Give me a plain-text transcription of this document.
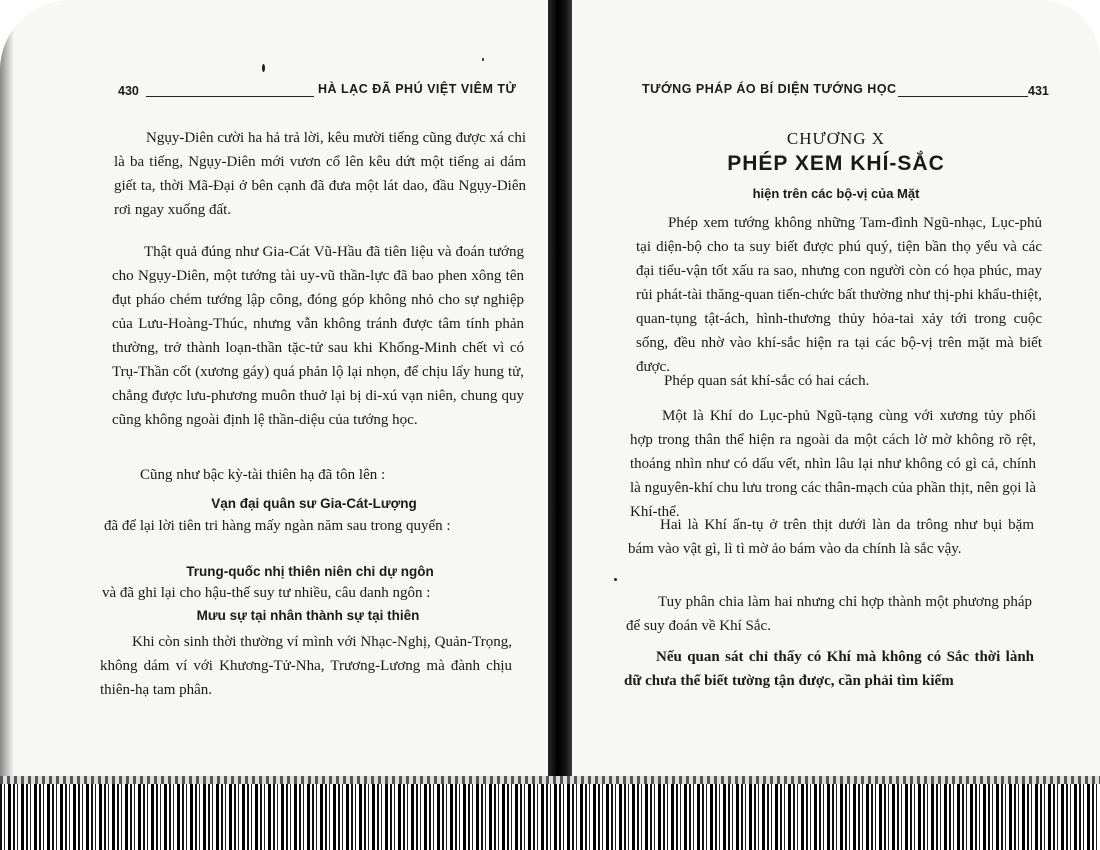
430	HÀ LẠC ĐÃ PHÚ VIỆT VIÊM TỬ
Ngụy-Diên cười ha hả trả lời, kêu mười tiếng cũng được xá chi là ba tiếng, Ngụy-Diên mới vươn cổ lên kêu dứt một tiếng ai dám giết ta, thời Mã-Đại ở bên cạnh đã đưa một lát dao, đầu Ngụy-Diên rơi ngay xuống đất.
Thật quả đúng như Gia-Cát Vũ-Hầu đã tiên liệu và đoán tướng cho Ngụy-Diên, một tướng tài uy-vũ thần-lực đã bao phen xông tên đụt pháo chém tướng lập công, đóng góp không nhỏ cho sự nghiệp của Lưu-Hoàng-Thúc, nhưng vẫn không tránh được tâm tính phản thường, trở thành loạn-thần tặc-tử sau khi Khổng-Minh chết vì có Trụ-Thần cốt (xương gáy) quá phản lộ lại nhọn, để chịu lấy hung tử, chẳng được lưu-phương muôn thuở lại bị di-xú vạn niên, chung quy cũng không ngoài định lệ thần-diệu của tướng học.
Cũng như bậc kỳ-tài thiên hạ đã tôn lên :
Vạn đại quân sư Gia-Cát-Lượng
đã để lại lời tiên tri hàng mấy ngàn năm sau trong quyển :
Trung-quốc nhị thiên niên chi dự ngôn
và đã ghi lại cho hậu-thế suy tư nhiều, câu danh ngôn :
Mưu sự tại nhân thành sự tại thiên
Khi còn sinh thời thường ví mình với Nhạc-Nghị, Quản-Trọng, không dám ví với Khương-Tử-Nha, Trương-Lương mà đành chịu thiên-hạ tam phân.
TƯỚNG PHÁP ÁO BÍ DIỆN TƯỚNG HỌC	431
CHƯƠNG X
PHÉP XEM KHÍ-SẮC
hiện trên các bộ-vị của Mặt
Phép xem tướng không những Tam-đình Ngũ-nhạc, Lục-phủ tại diện-bộ cho ta suy biết được phú quý, tiện bần thọ yểu và các đại tiểu-vận tốt xấu ra sao, nhưng con người còn có họa phúc, may rủi phát-tài thăng-quan tiến-chức bất thường như thị-phi khẩu-thiệt, quan-tụng tật-ách, hình-thương thủy hỏa-tai xảy tới trong cuộc sống, đều nhờ vào khí-sắc hiện ra tại các bộ-vị trên mặt mà biết được.
Phép quan sát khí-sắc có hai cách.
Một là Khí do Lục-phủ Ngũ-tạng cùng với xương tủy phối hợp trong thân thể hiện ra ngoài da một cách lờ mờ không rõ rệt, thoáng nhìn như có dấu vết, nhìn lâu lại như không có gì cả, chính là nguyên-khí chu lưu trong các thân-mạch của phần thịt, nên gọi là Khí-thể.
Hai là Khí ẩn-tụ ở trên thịt dưới làn da trông như bụi bặm bám vào vật gì, lì tì mờ ảo bám vào da chính là sắc vậy.
Tuy phân chia làm hai nhưng chỉ hợp thành một phương pháp để suy đoán về Khí Sắc.
Nếu quan sát chỉ thấy có Khí mà không có Sắc thời lành dữ chưa thể biết tường tận được, cần phải tìm kiếm
